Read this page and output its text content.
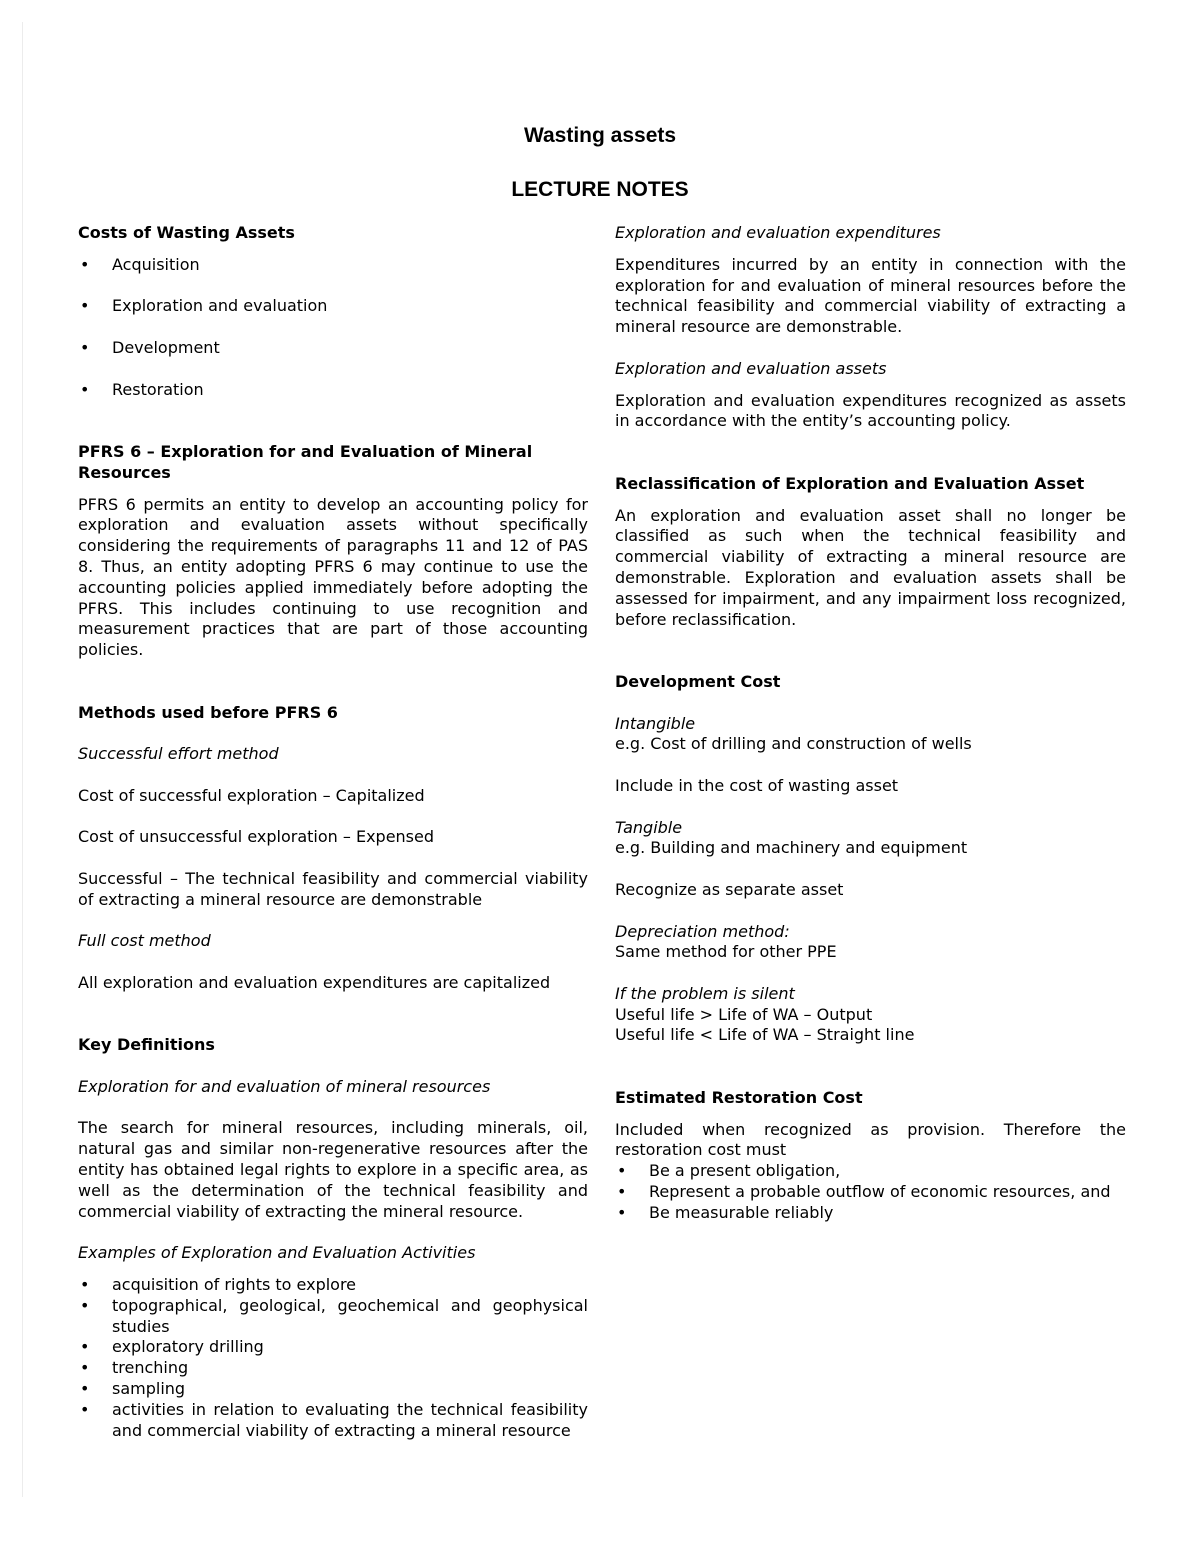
Wasting assets
LECTURE NOTES
Costs of Wasting Assets
• Acquisition
• Exploration and evaluation
• Development
• Restoration
PFRS 6 – Exploration for and Evaluation of Mineral Resources

PFRS 6 permits an entity to develop an accounting policy for exploration and evaluation assets without specifically considering the requirements of paragraphs 11 and 12 of PAS 8. Thus, an entity adopting PFRS 6 may continue to use the accounting policies applied immediately before adopting the PFRS. This includes continuing to use recognition and measurement practices that are part of those accounting policies.

Methods used before PFRS 6

Successful effort method

Cost of successful exploration – Capitalized

Cost of unsuccessful exploration – Expensed

Successful – The technical feasibility and commercial viability of extracting a mineral resource are demonstrable

Full cost method

All exploration and evaluation expenditures are capitalized

Key Definitions

Exploration for and evaluation of mineral resources

The search for mineral resources, including minerals, oil, natural gas and similar non-regenerative resources after the entity has obtained legal rights to explore in a specific area, as well as the determination of the technical feasibility and commercial viability of extracting the mineral resource.

Examples of Exploration and Evaluation Activities

• acquisition of rights to explore
• topographical, geological, geochemical and geophysical studies
• exploratory drilling
• trenching
• sampling
• activities in relation to evaluating the technical feasibility and commercial viability of extracting a mineral resource

Exploration and evaluation expenditures

Expenditures incurred by an entity in connection with the exploration for and evaluation of mineral resources before the technical feasibility and commercial viability of extracting a mineral resource are demonstrable.

Exploration and evaluation assets

Exploration and evaluation expenditures recognized as assets in accordance with the entity’s accounting policy.

Reclassification of Exploration and Evaluation Asset

An exploration and evaluation asset shall no longer be classified as such when the technical feasibility and commercial viability of extracting a mineral resource are demonstrable. Exploration and evaluation assets shall be assessed for impairment, and any impairment loss recognized, before reclassification.

Development Cost

Intangible

e.g. Cost of drilling and construction of wells

Include in the cost of wasting asset

Tangible

e.g. Building and machinery and equipment

Recognize as separate asset

Depreciation method:

Same method for other PPE

If the problem is silent

Useful life > Life of WA – Output

Useful life < Life of WA – Straight line

Estimated Restoration Cost

Included when recognized as provision. Therefore the restoration cost must

• Be a present obligation,
• Represent a probable outflow of economic resources, and
• Be measurable reliably
